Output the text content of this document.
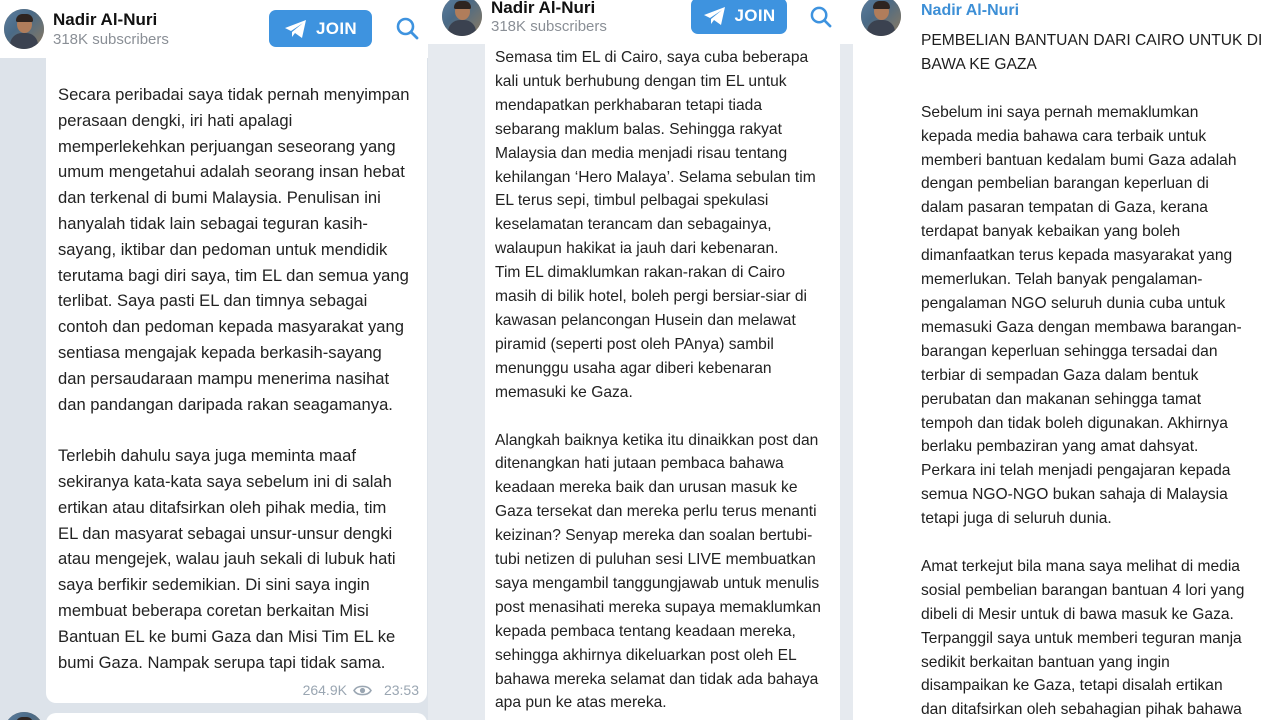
Nadir Al-Nuri
318K subscribers
JOIN
Secara peribadai saya tidak pernah menyimpan
perasaan dengki, iri hati apalagi
memperlekehkan perjuangan seseorang yang
umum mengetahui adalah seorang insan hebat
dan terkenal di bumi Malaysia. Penulisan ini
hanyalah tidak lain sebagai teguran kasih-
sayang, iktibar dan pedoman untuk mendidik
terutama bagi diri saya, tim EL dan semua yang
terlibat. Saya pasti EL dan timnya sebagai
contoh dan pedoman kepada masyarakat yang
sentiasa mengajak kepada berkasih-sayang
dan persaudaraan mampu menerima nasihat
dan pandangan daripada rakan seagamanya.

Terlebih dahulu saya juga meminta maaf
sekiranya kata-kata saya sebelum ini di salah
ertikan atau ditafsirkan oleh pihak media, tim
EL dan masyarat sebagai unsur-unsur dengki
atau mengejek, walau jauh sekali di lubuk hati
saya berfikir sedemikian. Di sini saya ingin
membuat beberapa coretan berkaitan Misi
Bantuan EL ke bumi Gaza dan Misi Tim EL ke
bumi Gaza. Nampak serupa tapi tidak sama.
264.9K	23:53
Nadir Al-Nuri
318K subscribers
JOIN
Semasa tim EL di Cairo, saya cuba beberapa
kali untuk berhubung dengan tim EL untuk
mendapatkan perkhabaran tetapi tiada
sebarang maklum balas. Sehingga rakyat
Malaysia dan media menjadi risau tentang
kehilangan ‘Hero Malaya’. Selama sebulan tim
EL terus sepi, timbul pelbagai spekulasi
keselamatan terancam dan sebagainya,
walaupun hakikat ia jauh dari kebenaran.
Tim EL dimaklumkan rakan-rakan di Cairo
masih di bilik hotel, boleh pergi bersiar-siar di
kawasan pelancongan Husein dan melawat
piramid (seperti post oleh PAnya) sambil
menunggu usaha agar diberi kebenaran
memasuki ke Gaza.

Alangkah baiknya ketika itu dinaikkan post dan
ditenangkan hati jutaan pembaca bahawa
keadaan mereka baik dan urusan masuk ke
Gaza tersekat dan mereka perlu terus menanti
keizinan? Senyap mereka dan soalan bertubi-
tubi netizen di puluhan sesi LIVE membuatkan
saya mengambil tanggungjawab untuk menulis
post menasihati mereka supaya memaklumkan
kepada pembaca tentang keadaan mereka,
sehingga akhirnya dikeluarkan post oleh EL
bahawa mereka selamat dan tidak ada bahaya
apa pun ke atas mereka.
Nadir Al-Nuri
PEMBELIAN BANTUAN DARI CAIRO UNTUK DI
BAWA KE GAZA

Sebelum ini saya pernah memaklumkan
kepada media bahawa cara terbaik untuk
memberi bantuan kedalam bumi Gaza adalah
dengan pembelian barangan keperluan di
dalam pasaran tempatan di Gaza, kerana
terdapat banyak kebaikan yang boleh
dimanfaatkan terus kepada masyarakat yang
memerlukan. Telah banyak pengalaman-
pengalaman NGO seluruh dunia cuba untuk
memasuki Gaza dengan membawa barangan-
barangan keperluan sehingga tersadai dan
terbiar di sempadan Gaza dalam bentuk
perubatan dan makanan sehingga tamat
tempoh dan tidak boleh digunakan. Akhirnya
berlaku pembaziran yang amat dahsyat.
Perkara ini telah menjadi pengajaran kepada
semua NGO-NGO bukan sahaja di Malaysia
tetapi juga di seluruh dunia.

Amat terkejut bila mana saya melihat di media
sosial pembelian barangan bantuan 4 lori yang
dibeli di Mesir untuk di bawa masuk ke Gaza.
Terpanggil saya untuk memberi teguran manja
sedikit berkaitan bantuan yang ingin
disampaikan ke Gaza, tetapi disalah ertikan
dan ditafsirkan oleh sebahagian pihak bahawa
